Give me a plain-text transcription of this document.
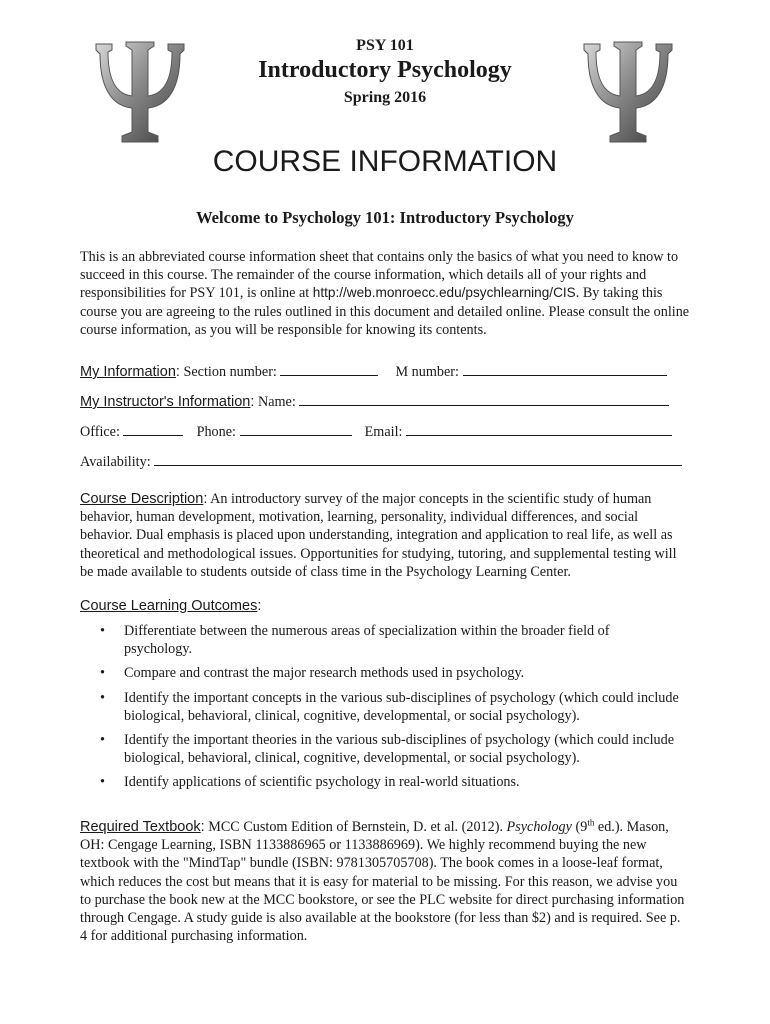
PSY 101
Introductory Psychology
Spring 2016
COURSE INFORMATION
Welcome to Psychology 101: Introductory Psychology

This is an abbreviated course information sheet that contains only the basics of what you need to know to succeed in this course. The remainder of the course information, which details all of your rights and responsibilities for PSY 101, is online at http://web.monroecc.edu/psychlearning/CIS. By taking this course you are agreeing to the rules outlined in this document and detailed online. Please consult the online course information, as you will be responsible for knowing its contents.

My Information: Section number:	M number:
My Instructor's Information: Name:
Office:	Phone:	Email:
Availability:

Course Description: An introductory survey of the major concepts in the scientific study of human behavior, human development, motivation, learning, personality, individual differences, and social behavior. Dual emphasis is placed upon understanding, integration and application to real life, as well as theoretical and methodological issues. Opportunities for studying, tutoring, and supplemental testing will be made available to students outside of class time in the Psychology Learning Center.

Course Learning Outcomes:
• Differentiate between the numerous areas of specialization within the broader field of psychology.
• Compare and contrast the major research methods used in psychology.
• Identify the important concepts in the various sub-disciplines of psychology (which could include biological, behavioral, clinical, cognitive, developmental, or social psychology).
• Identify the important theories in the various sub-disciplines of psychology (which could include biological, behavioral, clinical, cognitive, developmental, or social psychology).
• Identify applications of scientific psychology in real-world situations.

Required Textbook: MCC Custom Edition of Bernstein, D. et al. (2012). Psychology (9th ed.). Mason, OH: Cengage Learning, ISBN 1133886965 or 1133886969). We highly recommend buying the new textbook with the "MindTap" bundle (ISBN: 9781305705708). The book comes in a loose-leaf format, which reduces the cost but means that it is easy for material to be missing. For this reason, we advise you to purchase the book new at the MCC bookstore, or see the PLC website for direct purchasing information through Cengage. A study guide is also available at the bookstore (for less than $2) and is required. See p. 4 for additional purchasing information.
